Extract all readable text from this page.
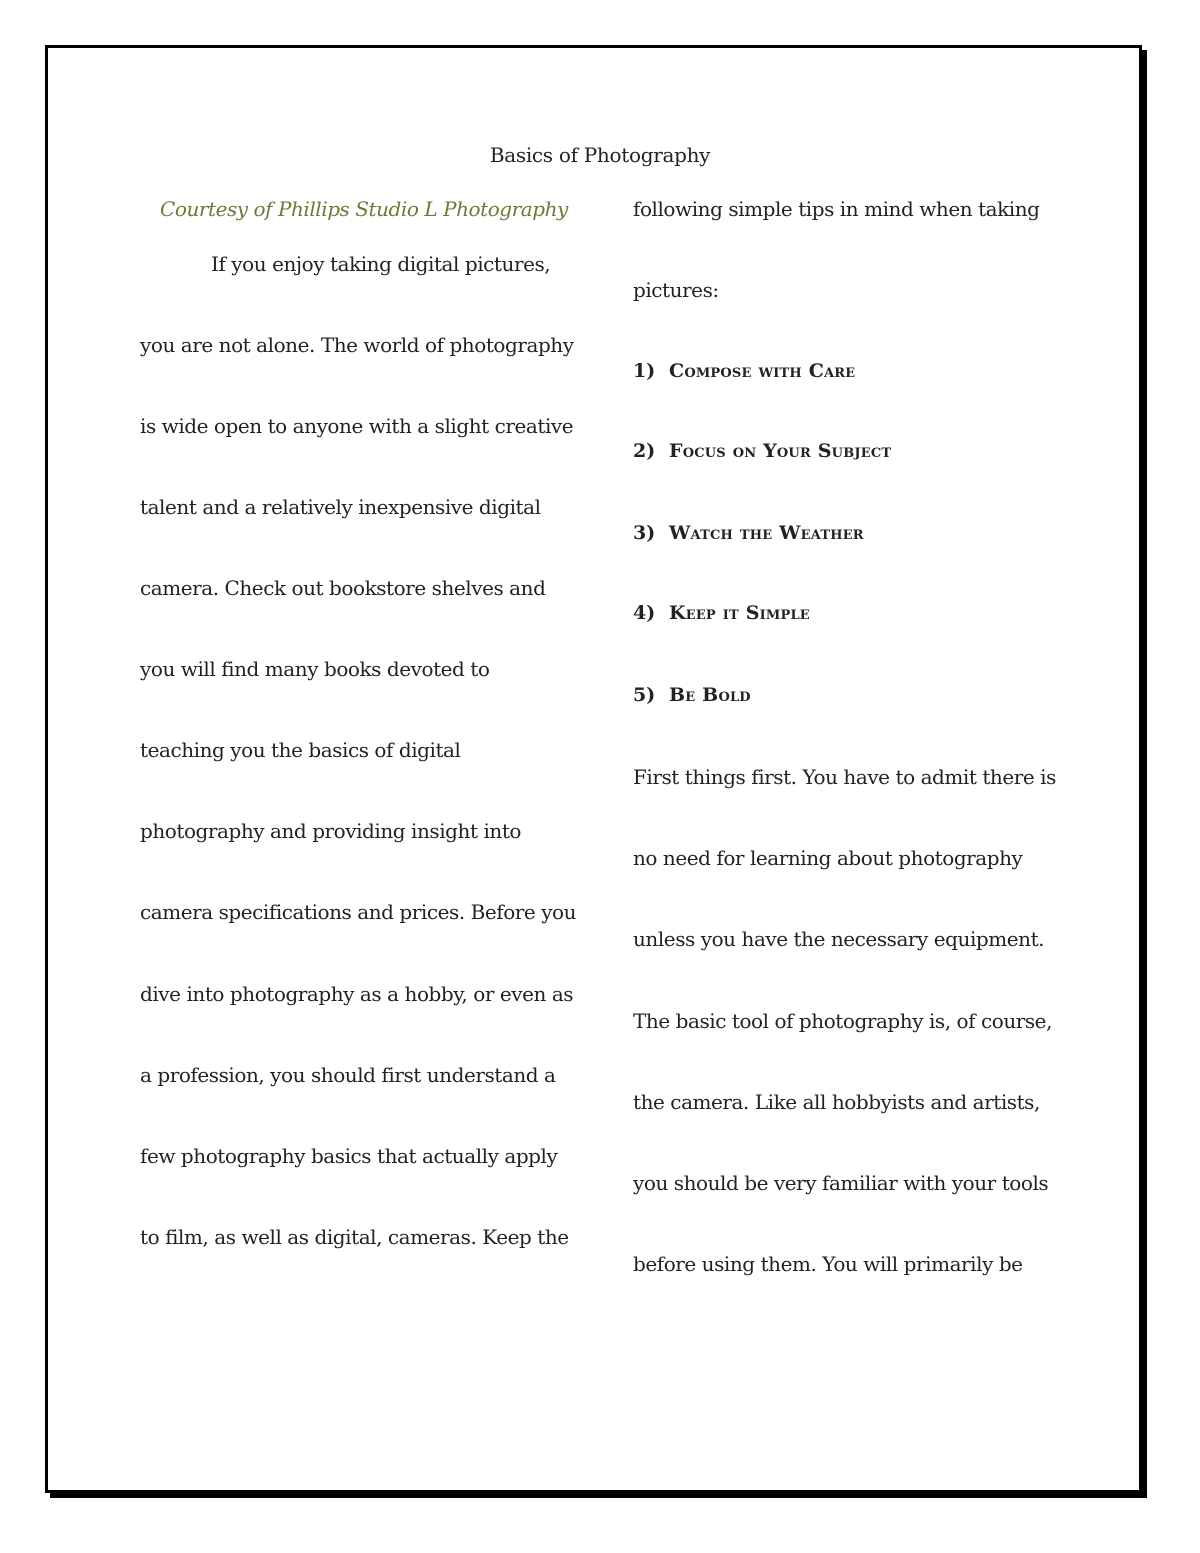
Basics of Photography
Courtesy of Phillips Studio L Photography
If you enjoy taking digital pictures,
you are not alone. The world of photography
is wide open to anyone with a slight creative
talent and a relatively inexpensive digital
camera. Check out bookstore shelves and
you will find many books devoted to
teaching you the basics of digital
photography and providing insight into
camera specifications and prices. Before you
dive into photography as a hobby, or even as
a profession, you should first understand a
few photography basics that actually apply
to film, as well as digital, cameras. Keep the
following simple tips in mind when taking
pictures:
1) Compose with Care
2) Focus on Your Subject
3) Watch the Weather
4) Keep it Simple
5) Be Bold
First things first. You have to admit there is
no need for learning about photography
unless you have the necessary equipment.
The basic tool of photography is, of course,
the camera. Like all hobbyists and artists,
you should be very familiar with your tools
before using them. You will primarily be
